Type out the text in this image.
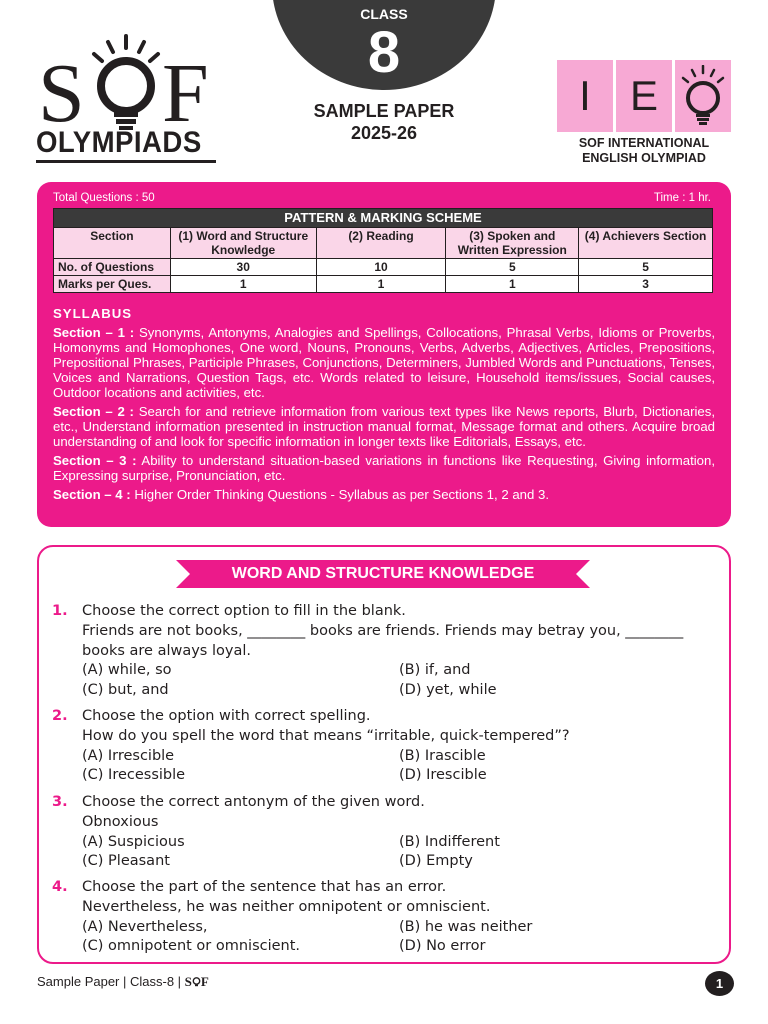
CLASS
8
SAMPLE PAPER
2025-26
S F
OLYMPIADS
I E
SOF INTERNATIONAL
ENGLISH OLYMPIAD
Total Questions : 50	Time : 1 hr.
PATTERN & MARKING SCHEME				
Section	(1) Word and Structure Knowledge	(2) Reading	(3) Spoken and Written Expression	(4) Achievers Section
No. of Questions	30	10	5	5
Marks per Ques.	1	1	1	3
SYLLABUS

Section – 1 : Synonyms, Antonyms, Analogies and Spellings, Collocations, Phrasal Verbs, Idioms or Proverbs, Homonyms and Homophones, One word, Nouns, Pronouns, Verbs, Adverbs, Adjectives, Articles, Prepositions, Prepositional Phrases, Participle Phrases, Conjunctions, Determiners, Jumbled Words and Punctuations, Tenses, Voices and Narrations, Question Tags, etc. Words related to leisure, Household items/issues, Social causes, Outdoor locations and activities, etc.

Section – 2 : Search for and retrieve information from various text types like News reports, Blurb, Dictionaries, etc., Understand information presented in instruction manual format, Message format and others. Acquire broad understanding of and look for specific information in longer texts like Editorials, Essays, etc.

Section – 3 : Ability to understand situation-based variations in functions like Requesting, Giving information, Expressing surprise, Pronunciation, etc.

Section – 4 : Higher Order Thinking Questions - Syllabus as per Sections 1, 2 and 3.

WORD AND STRUCTURE KNOWLEDGE
1. Choose the correct option to fill in the blank.
Friends are not books, ________ books are friends. Friends may betray you, ________ books are always loyal.
(A) while, so	(B) if, and
(C) but, and	(D) yet, while
2. Choose the option with correct spelling.
How do you spell the word that means “irritable, quick-tempered”?
(A) Irrescible	(B) Irascible
(C) Irecessible	(D) Irescible
3. Choose the correct antonym of the given word.
Obnoxious
(A) Suspicious	(B) Indifferent
(C) Pleasant	(D) Empty
4. Choose the part of the sentence that has an error.
Nevertheless, he was neither omnipotent or omniscient.
(A) Nevertheless,	(B) he was neither
(C) omnipotent or omniscient.	(D) No error
Sample Paper | Class-8 | S F	1
